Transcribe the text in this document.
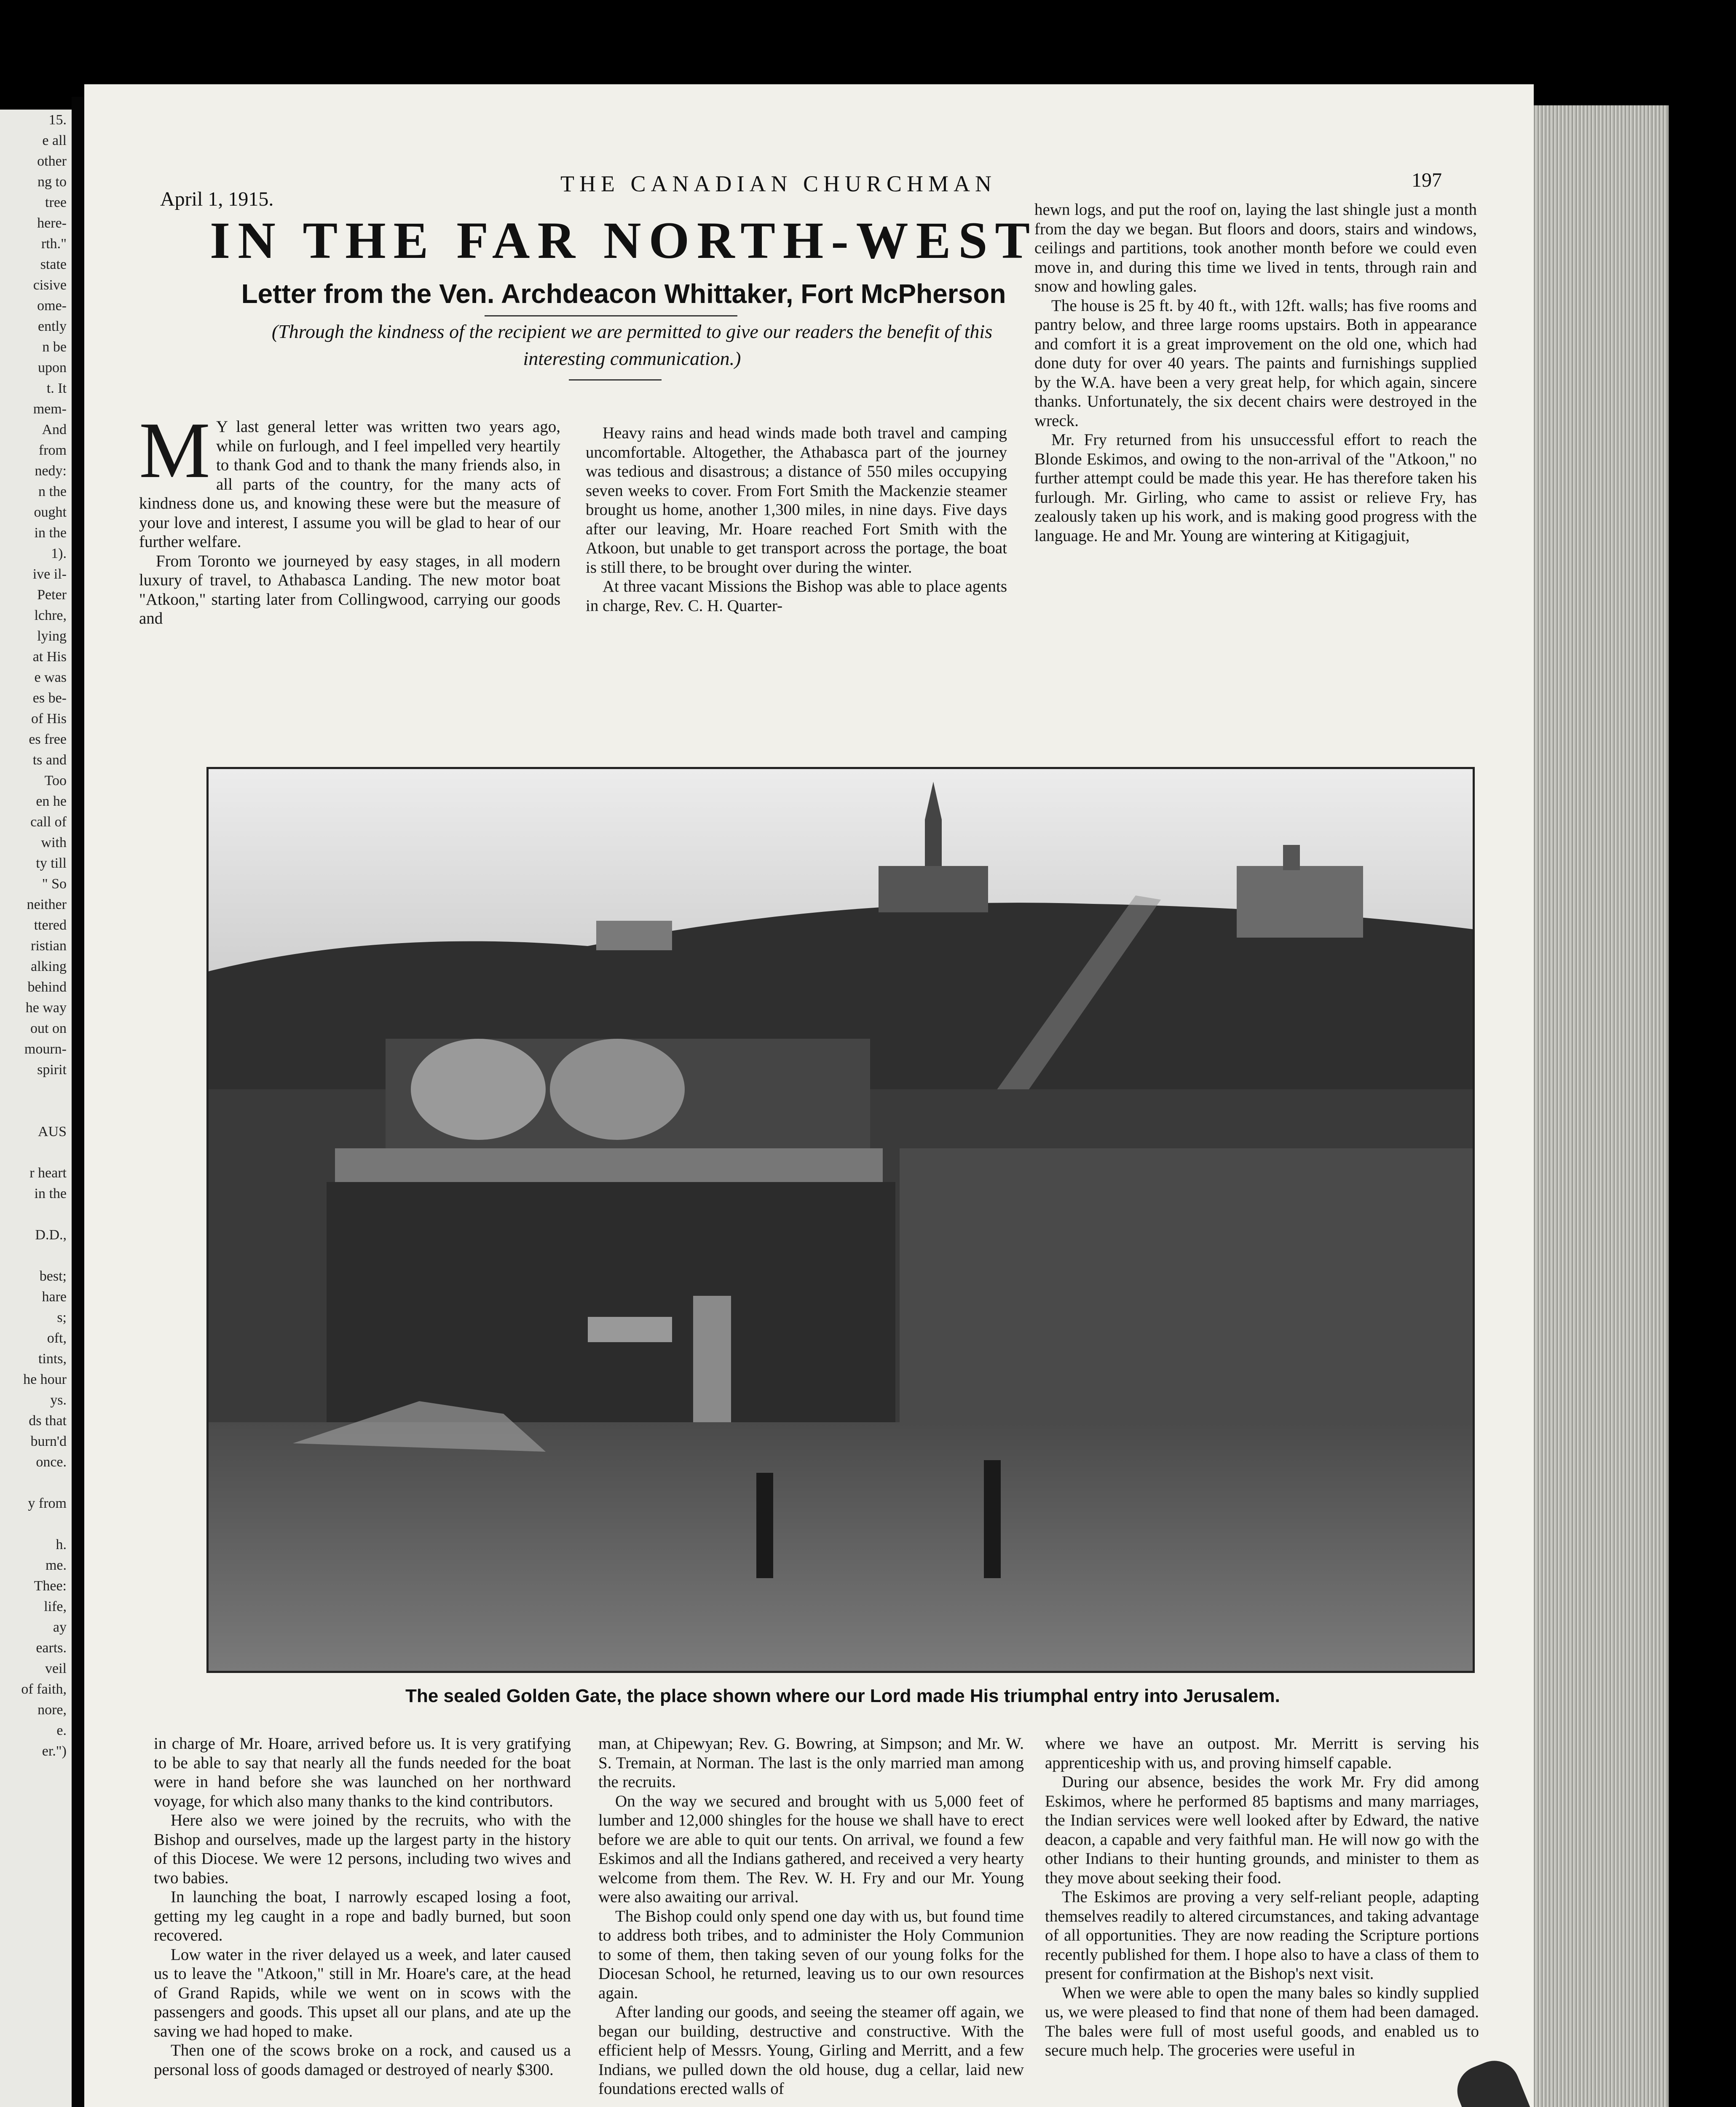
15.
e all
other
ng to
tree
here-
rth."
state
cisive
ome-
ently
n be
upon
t. It
mem-
And
from
nedy:
n the
ought
in the
1).
ive il-
Peter
lchre,
lying
at His
e was
es be-
of His
es free
ts and
Too
en he
call of
with
ty till
" So
neither
ttered
ristian
alking
behind
he way
out on
mourn-
spirit

AUS

r heart
in the

D.D.,

best;
hare
s;
oft,
tints,
he hour
ys.
ds that
burn'd
once.

y from

h.
me.
Thee:
life,
ay
earts.
veil
of faith,
nore,
e.
er.")
April 1, 1915.
THE CANADIAN CHURCHMAN	197
IN THE FAR NORTH-WEST
Letter from the Ven. Archdeacon Whittaker, Fort McPherson
(Through the kindness of the recipient we are permitted to give our readers the benefit of this interesting communication.)

M Y last general letter was written two years ago, while on furlough, and I feel impelled very heartily to thank God and to thank the many friends also, in all parts of the country, for the many acts of kindness done us, and knowing these were but the measure of your love and interest, I assume you will be glad to hear of our further welfare.

From Toronto we journeyed by easy stages, in all modern luxury of travel, to Athabasca Landing. The new motor boat "Atkoon," starting later from Collingwood, carrying our goods and

Heavy rains and head winds made both travel and camping uncomfortable. Altogether, the Athabasca part of the journey was tedious and disastrous; a distance of 550 miles occupying seven weeks to cover. From Fort Smith the Mackenzie steamer brought us home, another 1,300 miles, in nine days. Five days after our leaving, Mr. Hoare reached Fort Smith with the Atkoon, but unable to get transport across the portage, the boat is still there, to be brought over during the winter.

At three vacant Missions the Bishop was able to place agents in charge, Rev. C. H. Quarter-

hewn logs, and put the roof on, laying the last shingle just a month from the day we began. But floors and doors, stairs and windows, ceilings and partitions, took another month before we could even move in, and during this time we lived in tents, through rain and snow and howling gales.

The house is 25 ft. by 40 ft., with 12ft. walls; has five rooms and pantry below, and three large rooms upstairs. Both in appearance and comfort it is a great improvement on the old one, which had done duty for over 40 years. The paints and furnishings supplied by the W.A. have been a very great help, for which again, sincere thanks. Unfortunately, the six decent chairs were destroyed in the wreck.

Mr. Fry returned from his unsuccessful effort to reach the Blonde Eskimos, and owing to the non-arrival of the "Atkoon," no further attempt could be made this year. He has therefore taken his furlough. Mr. Girling, who came to assist or relieve Fry, has zealously taken up his work, and is making good progress with the language. He and Mr. Young are wintering at Kitigagjuit,

The sealed Golden Gate, the place shown where our Lord made His triumphal entry into Jerusalem.

in charge of Mr. Hoare, arrived before us. It is very gratifying to be able to say that nearly all the funds needed for the boat were in hand before she was launched on her northward voyage, for which also many thanks to the kind contributors.

Here also we were joined by the recruits, who with the Bishop and ourselves, made up the largest party in the history of this Diocese. We were 12 persons, including two wives and two babies.

In launching the boat, I narrowly escaped losing a foot, getting my leg caught in a rope and badly burned, but soon recovered.

Low water in the river delayed us a week, and later caused us to leave the "Atkoon," still in Mr. Hoare's care, at the head of Grand Rapids, while we went on in scows with the passengers and goods. This upset all our plans, and ate up the saving we had hoped to make.

Then one of the scows broke on a rock, and caused us a personal loss of goods damaged or destroyed of nearly $300.

man, at Chipewyan; Rev. G. Bowring, at Simpson; and Mr. W. S. Tremain, at Norman. The last is the only married man among the recruits.

On the way we secured and brought with us 5,000 feet of lumber and 12,000 shingles for the house we shall have to erect before we are able to quit our tents. On arrival, we found a few Eskimos and all the Indians gathered, and received a very hearty welcome from them. The Rev. W. H. Fry and our Mr. Young were also awaiting our arrival.

The Bishop could only spend one day with us, but found time to address both tribes, and to administer the Holy Communion to some of them, then taking seven of our young folks for the Diocesan School, he returned, leaving us to our own resources again.

After landing our goods, and seeing the steamer off again, we began our building, destructive and constructive. With the efficient help of Messrs. Young, Girling and Merritt, and a few Indians, we pulled down the old house, dug a cellar, laid new foundations erected walls of

where we have an outpost. Mr. Merritt is serving his apprenticeship with us, and proving himself capable.

During our absence, besides the work Mr. Fry did among Eskimos, where he performed 85 baptisms and many marriages, the Indian services were well looked after by Edward, the native deacon, a capable and very faithful man. He will now go with the other Indians to their hunting grounds, and minister to them as they move about seeking their food.

The Eskimos are proving a very self-reliant people, adapting themselves readily to altered circumstances, and taking advantage of all opportunities. They are now reading the Scripture portions recently published for them. I hope also to have a class of them to present for confirmation at the Bishop's next visit.

When we were able to open the many bales so kindly supplied us, we were pleased to find that none of them had been damaged. The bales were full of most useful goods, and enabled us to secure much help. The groceries were useful in
